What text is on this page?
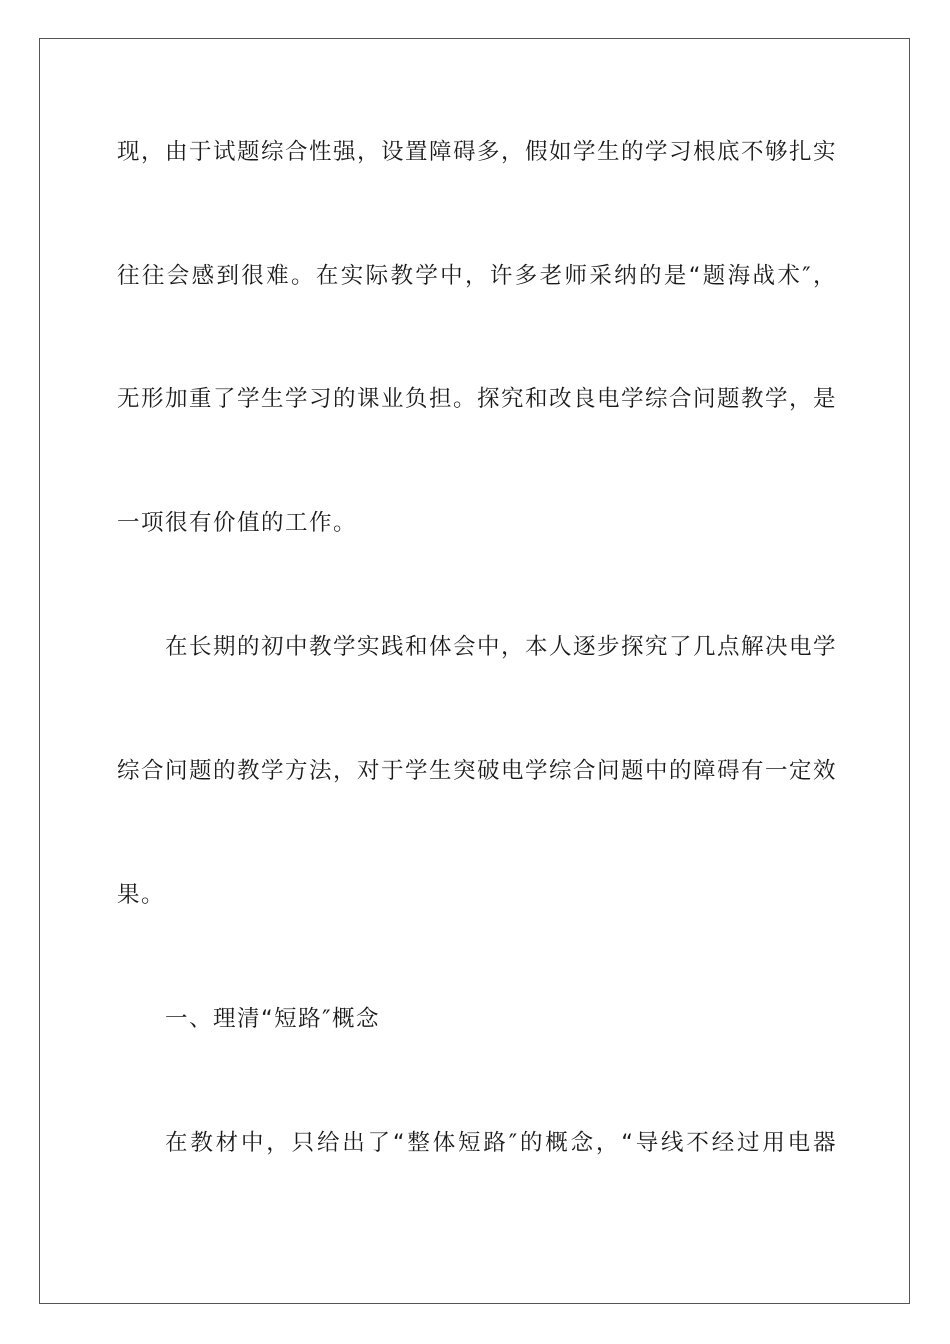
现，由于试题综合性强，设置障碍多，假如学生的学习根底不够扎实
往往会感到很难。在实际教学中，许多老师采纳的是“题海战术″，
无形加重了学生学习的课业负担。探究和改良电学综合问题教学，是
一项很有价值的工作。
在长期的初中教学实践和体会中，本人逐步探究了几点解决电学
综合问题的教学方法，对于学生突破电学综合问题中的障碍有一定效
果。
一、理清“短路″概念
在教材中，只给出了“整体短路″的概念，“导线不经过用电器
